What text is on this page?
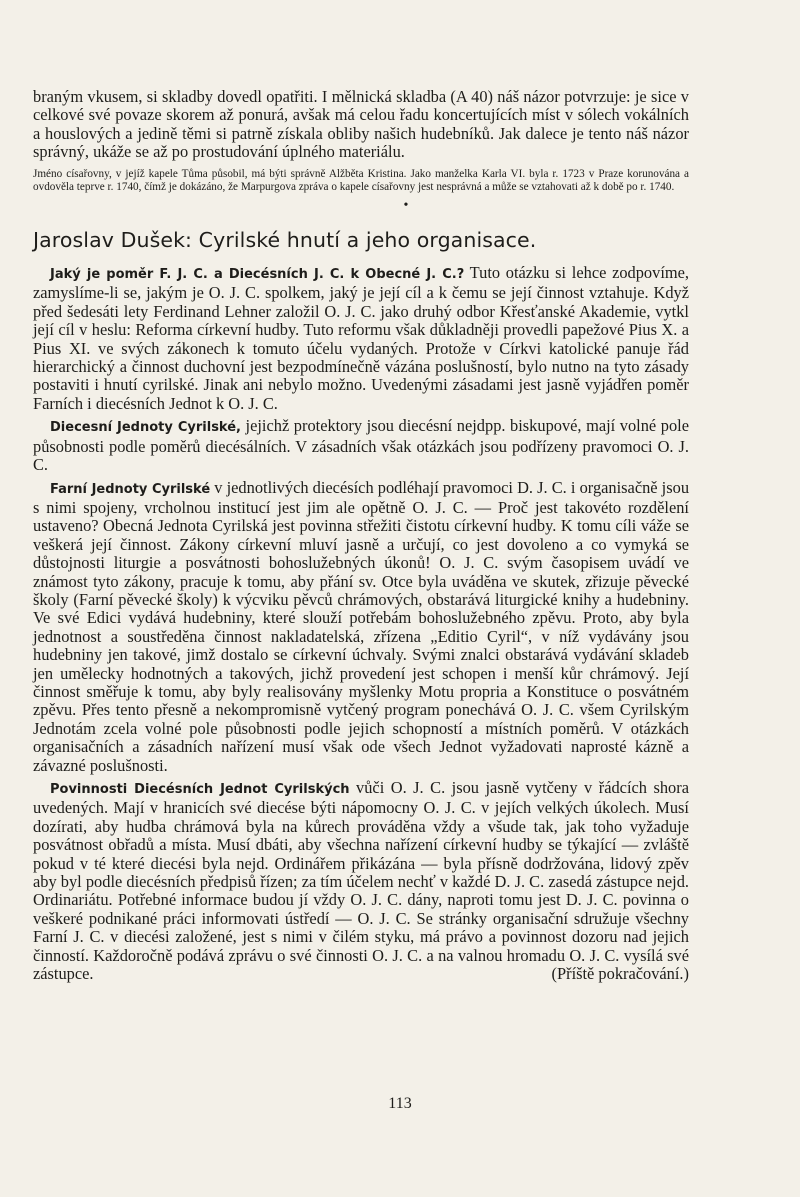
braným vkusem, si skladby dovedl opatřiti. I mělnická skladba (A 40) náš názor potvrzuje: je sice v celkové své povaze skorem až ponurá, avšak má celou řadu koncertujících míst v sólech vokálních a houslových a jedině těmi si patrně získala obliby našich hudebníků. Jak dalece je tento náš názor správný, ukáže se až po prostudování úplného materiálu.

Jméno císařovny, v jejíž kapele Tůma působil, má býti správně Alžběta Kristina. Jako manželka Karla VI. byla r. 1723 v Praze korunována a ovdověla teprve r. 1740, čímž je dokázáno, že Marpurgova zpráva o kapele císařovny jest nesprávná a může se vztahovati až k době po r. 1740.

•

Jaroslav Dušek: Cyrilské hnutí a jeho organisace.

Jaký je poměr F. J. C. a Diecésních J. C. k Obecné J. C.? Tuto otázku si lehce zodpovíme, zamyslíme-li se, jakým je O. J. C. spolkem, jaký je její cíl a k čemu se její činnost vztahuje. Když před šedesáti lety Ferdinand Lehner založil O. J. C. jako druhý odbor Křesťanské Akademie, vytkl její cíl v heslu: Reforma církevní hudby. Tuto reformu však důkladněji provedli papežové Pius X. a Pius XI. ve svých zákonech k tomuto účelu vydaných. Protože v Církvi katolické panuje řád hierarchický a činnost duchovní jest bezpodmínečně vázána poslušností, bylo nutno na tyto zásady postaviti i hnutí cyrilské. Jinak ani nebylo možno. Uvedenými zásadami jest jasně vyjádřen poměr Farních i diecésních Jednot k O. J. C.

Diecesní Jednoty Cyrilské, jejichž protektory jsou diecésní nejdpp. biskupové, mají volné pole působnosti podle poměrů diecésálních. V zásadních však otázkách jsou podřízeny pravomoci O. J. C.

Farní Jednoty Cyrilské v jednotlivých diecésích podléhají pravomoci D. J. C. i organisačně jsou s nimi spojeny, vrcholnou institucí jest jim ale opětně O. J. C. — Proč jest takovéto rozdělení ustaveno? Obecná Jednota Cyrilská jest povinna střežiti čistotu církevní hudby. K tomu cíli váže se veškerá její činnost. Zákony církevní mluví jasně a určují, co jest dovoleno a co vymyká se důstojnosti liturgie a posvátnosti bohoslužebných úkonů! O. J. C. svým časopisem uvádí ve známost tyto zákony, pracuje k tomu, aby přání sv. Otce byla uváděna ve skutek, zřizuje pěvecké školy (Farní pěvecké školy) k výcviku pěvců chrámových, obstarává liturgické knihy a hudebniny. Ve své Edici vydává hudebniny, které slouží potřebám bohoslužebného zpěvu. Proto, aby byla jednotnost a soustředěna činnost nakladatelská, zřízena „Editio Cyril“, v níž vydávány jsou hudebniny jen takové, jimž dostalo se církevní úchvaly. Svými znalci obstarává vydávání skladeb jen umělecky hodnotných a takových, jichž provedení jest schopen i menší kůr chrámový. Její činnost směřuje k tomu, aby byly realisovány myšlenky Motu propria a Konstituce o posvátném zpěvu. Přes tento přesně a nekompromisně vytčený program ponechává O. J. C. všem Cyrilským Jednotám zcela volné pole působnosti podle jejich schopností a místních poměrů. V otázkách organisačních a zásadních nařízení musí však ode všech Jednot vyžadovati naprosté kázně a závazné poslušnosti.

Povinnosti Diecésních Jednot Cyrilských vůči O. J. C. jsou jasně vytčeny v řádcích shora uvedených. Mají v hranicích své diecése býti nápomocny O. J. C. v jejích velkých úkolech. Musí dozírati, aby hudba chrámová byla na kůrech prováděna vždy a všude tak, jak toho vyžaduje posvátnost obřadů a místa. Musí dbáti, aby všechna nařízení církevní hudby se týkající — zvláště pokud v té které diecési byla nejd. Ordinářem přikázána — byla přísně dodržována, lidový zpěv aby byl podle diecésních předpisů řízen; za tím účelem nechť v každé D. J. C. zasedá zástupce nejd. Ordinariátu. Potřebné informace budou jí vždy O. J. C. dány, naproti tomu jest D. J. C. povinna o veškeré podnikané práci informovati ústředí — O. J. C. Se stránky organisační sdružuje všechny Farní J. C. v diecési založené, jest s nimi v čilém styku, má právo a povinnost dozoru nad jejich činností. Každoročně podává zprávu o své činnosti O. J. C. a na valnou hromadu O. J. C. vysílá své zástupce.	(Příště pokračování.)

113
